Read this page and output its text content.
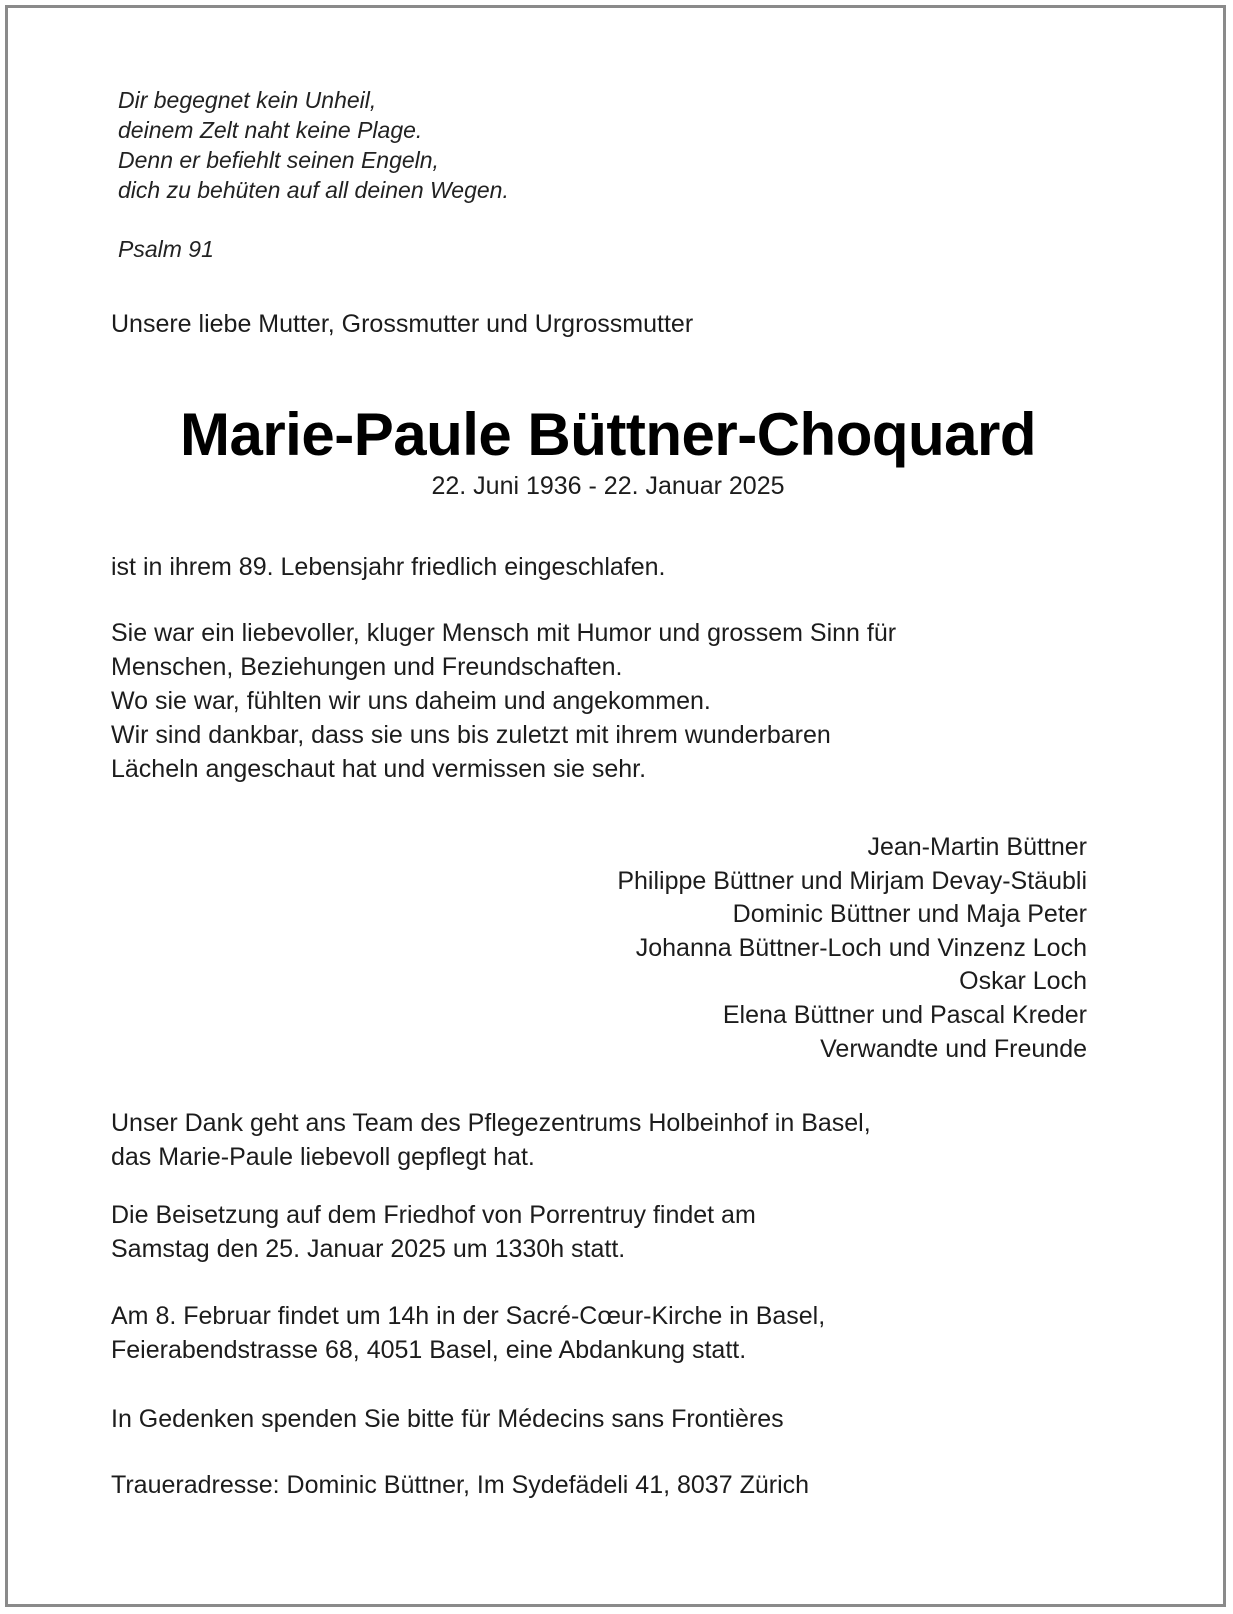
Dir begegnet kein Unheil,
deinem Zelt naht keine Plage.
Denn er befiehlt seinen Engeln,
dich zu behüten auf all deinen Wegen.
Psalm 91
Unsere liebe Mutter, Grossmutter und Urgrossmutter
Marie-Paule Büttner-Choquard
22. Juni 1936 - 22. Januar 2025
ist in ihrem 89. Lebensjahr friedlich eingeschlafen.
Sie war ein liebevoller, kluger Mensch mit Humor und grossem Sinn für
Menschen, Beziehungen und Freundschaften.
Wo sie war, fühlten wir uns daheim und angekommen.
Wir sind dankbar, dass sie uns bis zuletzt mit ihrem wunderbaren
Lächeln angeschaut hat und vermissen sie sehr.
Jean-Martin Büttner
Philippe Büttner und Mirjam Devay-Stäubli
Dominic Büttner und Maja Peter
Johanna Büttner-Loch und Vinzenz Loch
Oskar Loch
Elena Büttner und Pascal Kreder
Verwandte und Freunde
Unser Dank geht ans Team des Pflegezentrums Holbeinhof in Basel,
das Marie-Paule liebevoll gepflegt hat.
Die Beisetzung auf dem Friedhof von Porrentruy findet am
Samstag den 25. Januar 2025 um 1330h statt.
Am 8. Februar findet um 14h in der Sacré-Cœur-Kirche in Basel,
Feierabendstrasse 68, 4051 Basel, eine Abdankung statt.
In Gedenken spenden Sie bitte für Médecins sans Frontières
Traueradresse: Dominic Büttner, Im Sydefädeli 41, 8037 Zürich
